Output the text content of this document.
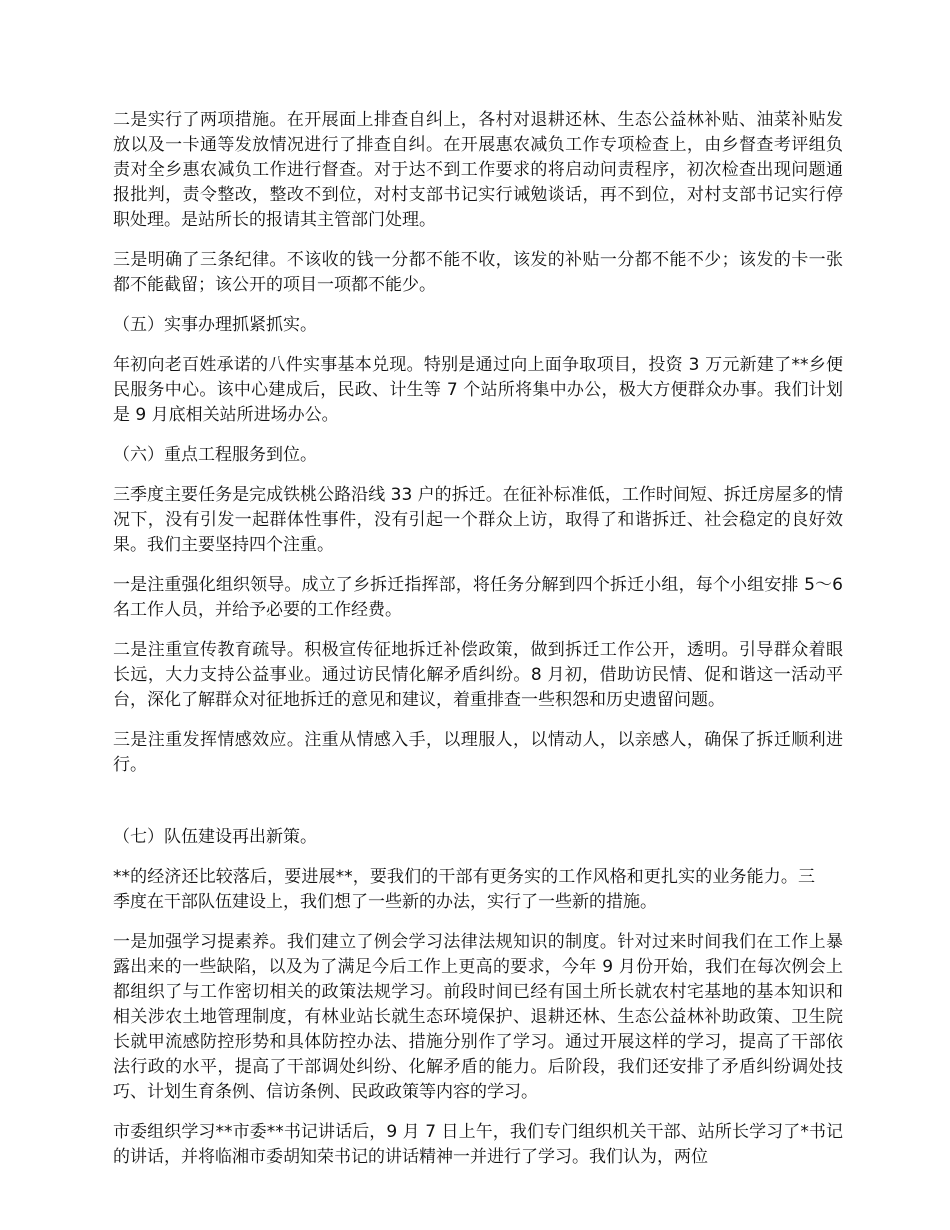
二是实行了两项措施。在开展面上排查自纠上，各村对退耕还林、生态公益林补贴、油菜补贴发放以及一卡通等发放情况进行了排查自纠。在开展惠农减负工作专项检查上，由乡督查考评组负责对全乡惠农减负工作进行督查。对于达不到工作要求的将启动问责程序，初次检查出现问题通报批判，责令整改，整改不到位，对村支部书记实行诫勉谈话，再不到位，对村支部书记实行停职处理。是站所长的报请其主管部门处理。

三是明确了三条纪律。不该收的钱一分都不能不收，该发的补贴一分都不能不少；该发的卡一张都不能截留；该公开的项目一项都不能少。

（五）实事办理抓紧抓实。

年初向老百姓承诺的八件实事基本兑现。特别是通过向上面争取项目，投资 3 万元新建了**乡便民服务中心。该中心建成后，民政、计生等 7 个站所将集中办公，极大方便群众办事。我们计划是 9 月底相关站所进场办公。

（六）重点工程服务到位。

三季度主要任务是完成铁桃公路沿线 33 户的拆迁。在征补标准低，工作时间短、拆迁房屋多的情况下，没有引发一起群体性事件，没有引起一个群众上访，取得了和谐拆迁、社会稳定的良好效果。我们主要坚持四个注重。

一是注重强化组织领导。成立了乡拆迁指挥部，将任务分解到四个拆迁小组，每个小组安排 5～6 名工作人员，并给予必要的工作经费。

二是注重宣传教育疏导。积极宣传征地拆迁补偿政策，做到拆迁工作公开，透明。引导群众着眼长远，大力支持公益事业。通过访民情化解矛盾纠纷。8 月初，借助访民情、促和谐这一活动平台，深化了解群众对征地拆迁的意见和建议，着重排查一些积怨和历史遗留问题。

三是注重发挥情感效应。注重从情感入手，以理服人，以情动人，以亲感人，确保了拆迁顺利进行。

（七）队伍建设再出新策。

**的经济还比较落后，要进展**，要我们的干部有更务实的工作风格和更扎实的业务能力。三季度在干部队伍建设上，我们想了一些新的办法，实行了一些新的措施。

一是加强学习提素养。我们建立了例会学习法律法规知识的制度。针对过来时间我们在工作上暴露出来的一些缺陷，以及为了满足今后工作上更高的要求，今年 9 月份开始，我们在每次例会上都组织了与工作密切相关的政策法规学习。前段时间已经有国土所长就农村宅基地的基本知识和相关涉农土地管理制度，有林业站长就生态环境保护、退耕还林、生态公益林补助政策、卫生院长就甲流感防控形势和具体防控办法、措施分别作了学习。通过开展这样的学习，提高了干部依法行政的水平，提高了干部调处纠纷、化解矛盾的能力。后阶段，我们还安排了矛盾纠纷调处技巧、计划生育条例、信访条例、民政政策等内容的学习。

市委组织学习**市委**书记讲话后，9 月 7 日上午，我们专门组织机关干部、站所长学习了*书记的讲话，并将临湘市委胡知荣书记的讲话精神一并进行了学习。我们认为，两位
